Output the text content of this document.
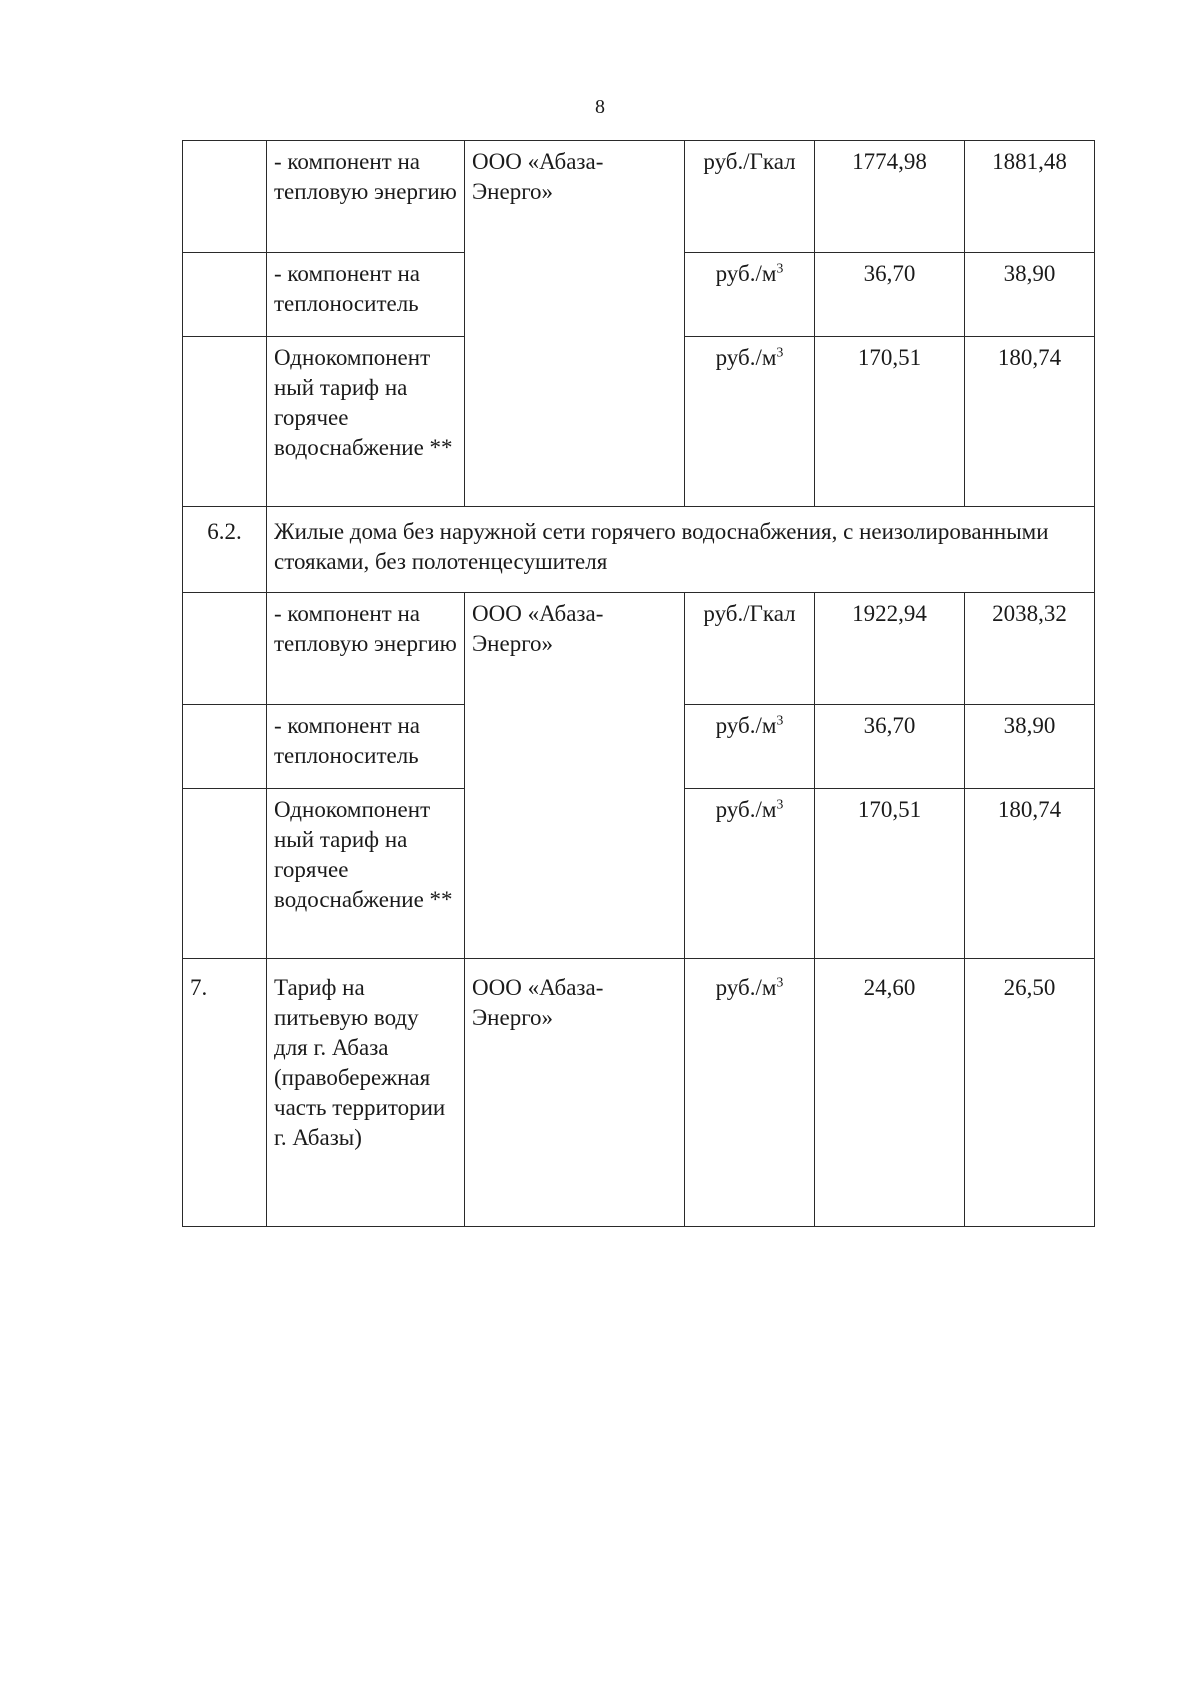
8
	- компонент на тепловую энергию	ООО «Абаза-Энерго»	руб./Гкал	1774,98	1881,48
	- компонент на теплоноситель		$руб./м^3$	36,70	38,90
	Однокомпонент ный тариф на горячее водоснабжение **		$руб./м^3$	170,51	180,74
6.2.	Жилые дома без наружной сети горячего водоснабжения, с неизолированными стояками, без полотенцесушителя				
	- компонент на тепловую энергию	ООО «Абаза-Энерго»	руб./Гкал	1922,94	2038,32
	- компонент на теплоноситель		$руб./м^3$	36,70	38,90
	Однокомпонент ный тариф на горячее водоснабжение **		$руб./м^3$	170,51	180,74
7.	Тариф на питьевую воду для г. Абаза (правобережная часть территории г. Абазы)	ООО «Абаза-Энерго»	$руб./м^3$	24,60	26,50
